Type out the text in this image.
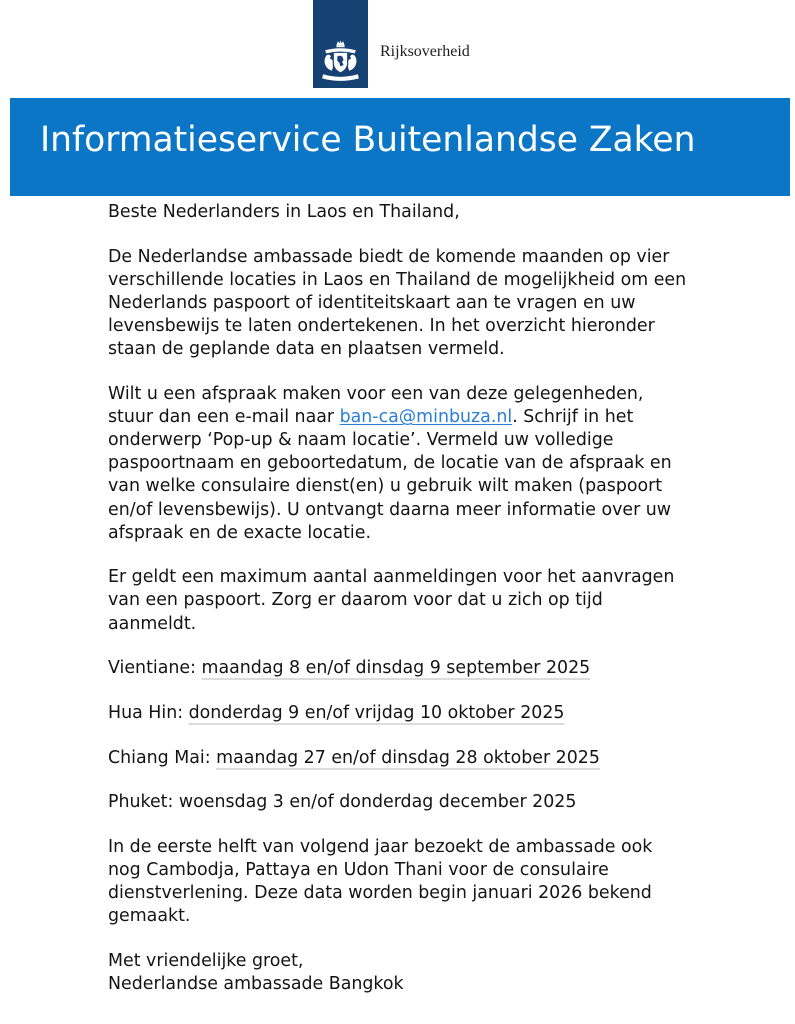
Rijksoverheid
Informatieservice Buitenlandse Zaken

Beste Nederlanders in Laos en Thailand,

De Nederlandse ambassade biedt de komende maanden op vier
verschillende locaties in Laos en Thailand de mogelijkheid om een
Nederlands paspoort of identiteitskaart aan te vragen en uw
levensbewijs te laten ondertekenen. In het overzicht hieronder
staan de geplande data en plaatsen vermeld.

Wilt u een afspraak maken voor een van deze gelegenheden,
stuur dan een e-mail naar ban-ca@minbuza.nl. Schrijf in het
onderwerp ‘Pop-up & naam locatie’. Vermeld uw volledige
paspoortnaam en geboortedatum, de locatie van de afspraak en
van welke consulaire dienst(en) u gebruik wilt maken (paspoort
en/of levensbewijs). U ontvangt daarna meer informatie over uw
afspraak en de exacte locatie.

Er geldt een maximum aantal aanmeldingen voor het aanvragen
van een paspoort. Zorg er daarom voor dat u zich op tijd
aanmeldt.

Vientiane: maandag 8 en/of dinsdag 9 september 2025

Hua Hin: donderdag 9 en/of vrijdag 10 oktober 2025

Chiang Mai: maandag 27 en/of dinsdag 28 oktober 2025

Phuket: woensdag 3 en/of donderdag december 2025

In de eerste helft van volgend jaar bezoekt de ambassade ook
nog Cambodja, Pattaya en Udon Thani voor de consulaire
dienstverlening. Deze data worden begin januari 2026 bekend
gemaakt.

Met vriendelijke groet,
Nederlandse ambassade Bangkok
